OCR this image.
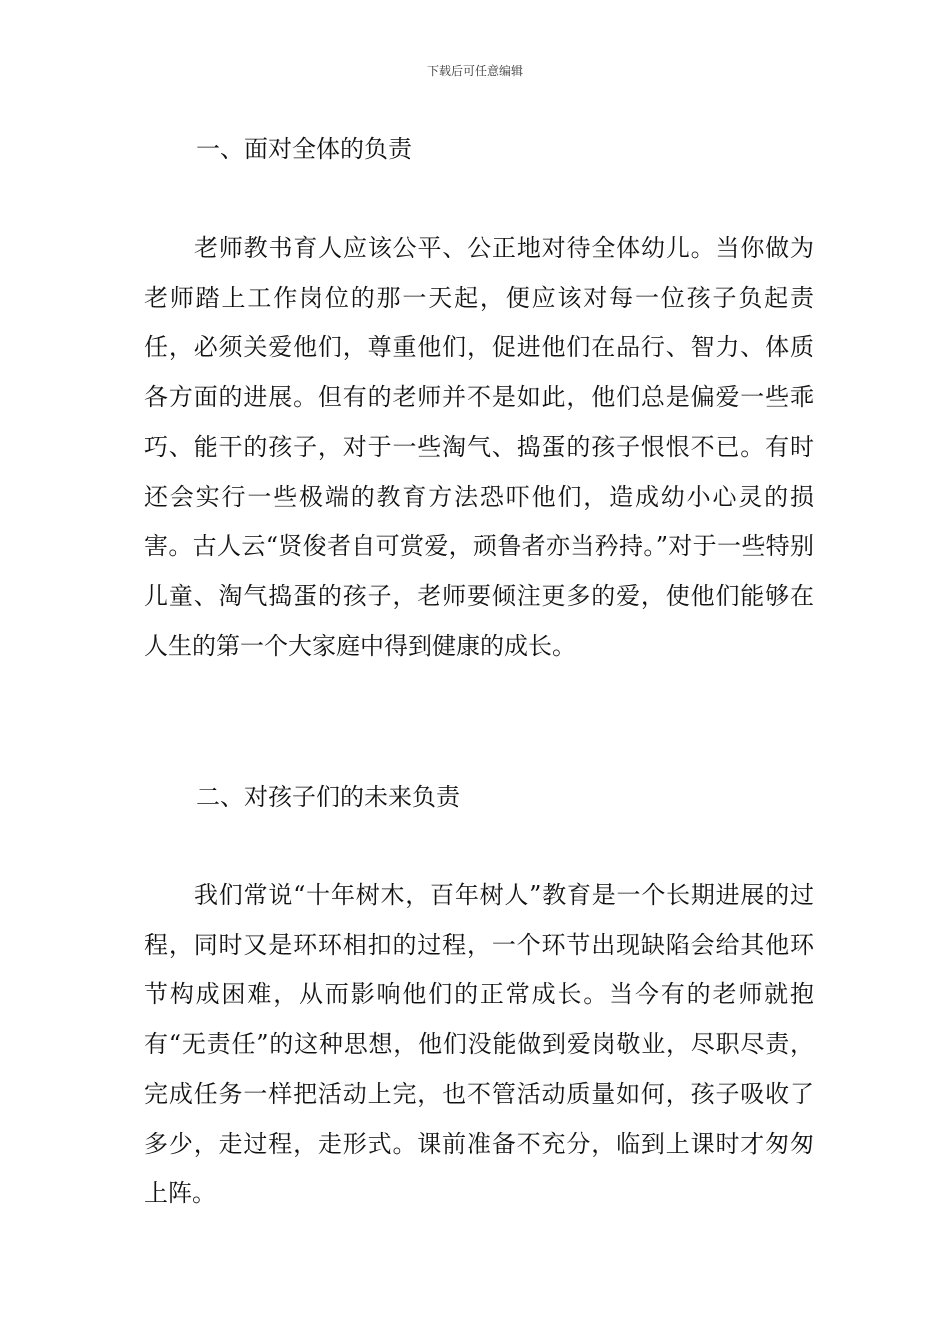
下载后可任意编辑
一、面对全体的负责

老师教书育人应该公平、公正地对待全体幼儿。当你做为老师踏上工作岗位的那一天起，便应该对每一位孩子负起责任，必须关爱他们，尊重他们，促进他们在品行、智力、体质各方面的进展。但有的老师并不是如此，他们总是偏爱一些乖巧、能干的孩子，对于一些淘气、捣蛋的孩子恨恨不已。有时还会实行一些极端的教育方法恐吓他们，造成幼小心灵的损害。古人云“贤俊者自可赏爱，顽鲁者亦当矜持。”对于一些特别儿童、淘气捣蛋的孩子，老师要倾注更多的爱，使他们能够在人生的第一个大家庭中得到健康的成长。

二、对孩子们的未来负责

我们常说“十年树木，百年树人”教育是一个长期进展的过程，同时又是环环相扣的过程，一个环节出现缺陷会给其他环节构成困难，从而影响他们的正常成长。当今有的老师就抱有“无责任”的这种思想，他们没能做到爱岗敬业，尽职尽责，完成任务一样把活动上完，也不管活动质量如何，孩子吸收了多少，走过程，走形式。课前准备不充分，临到上课时才匆匆上阵。
